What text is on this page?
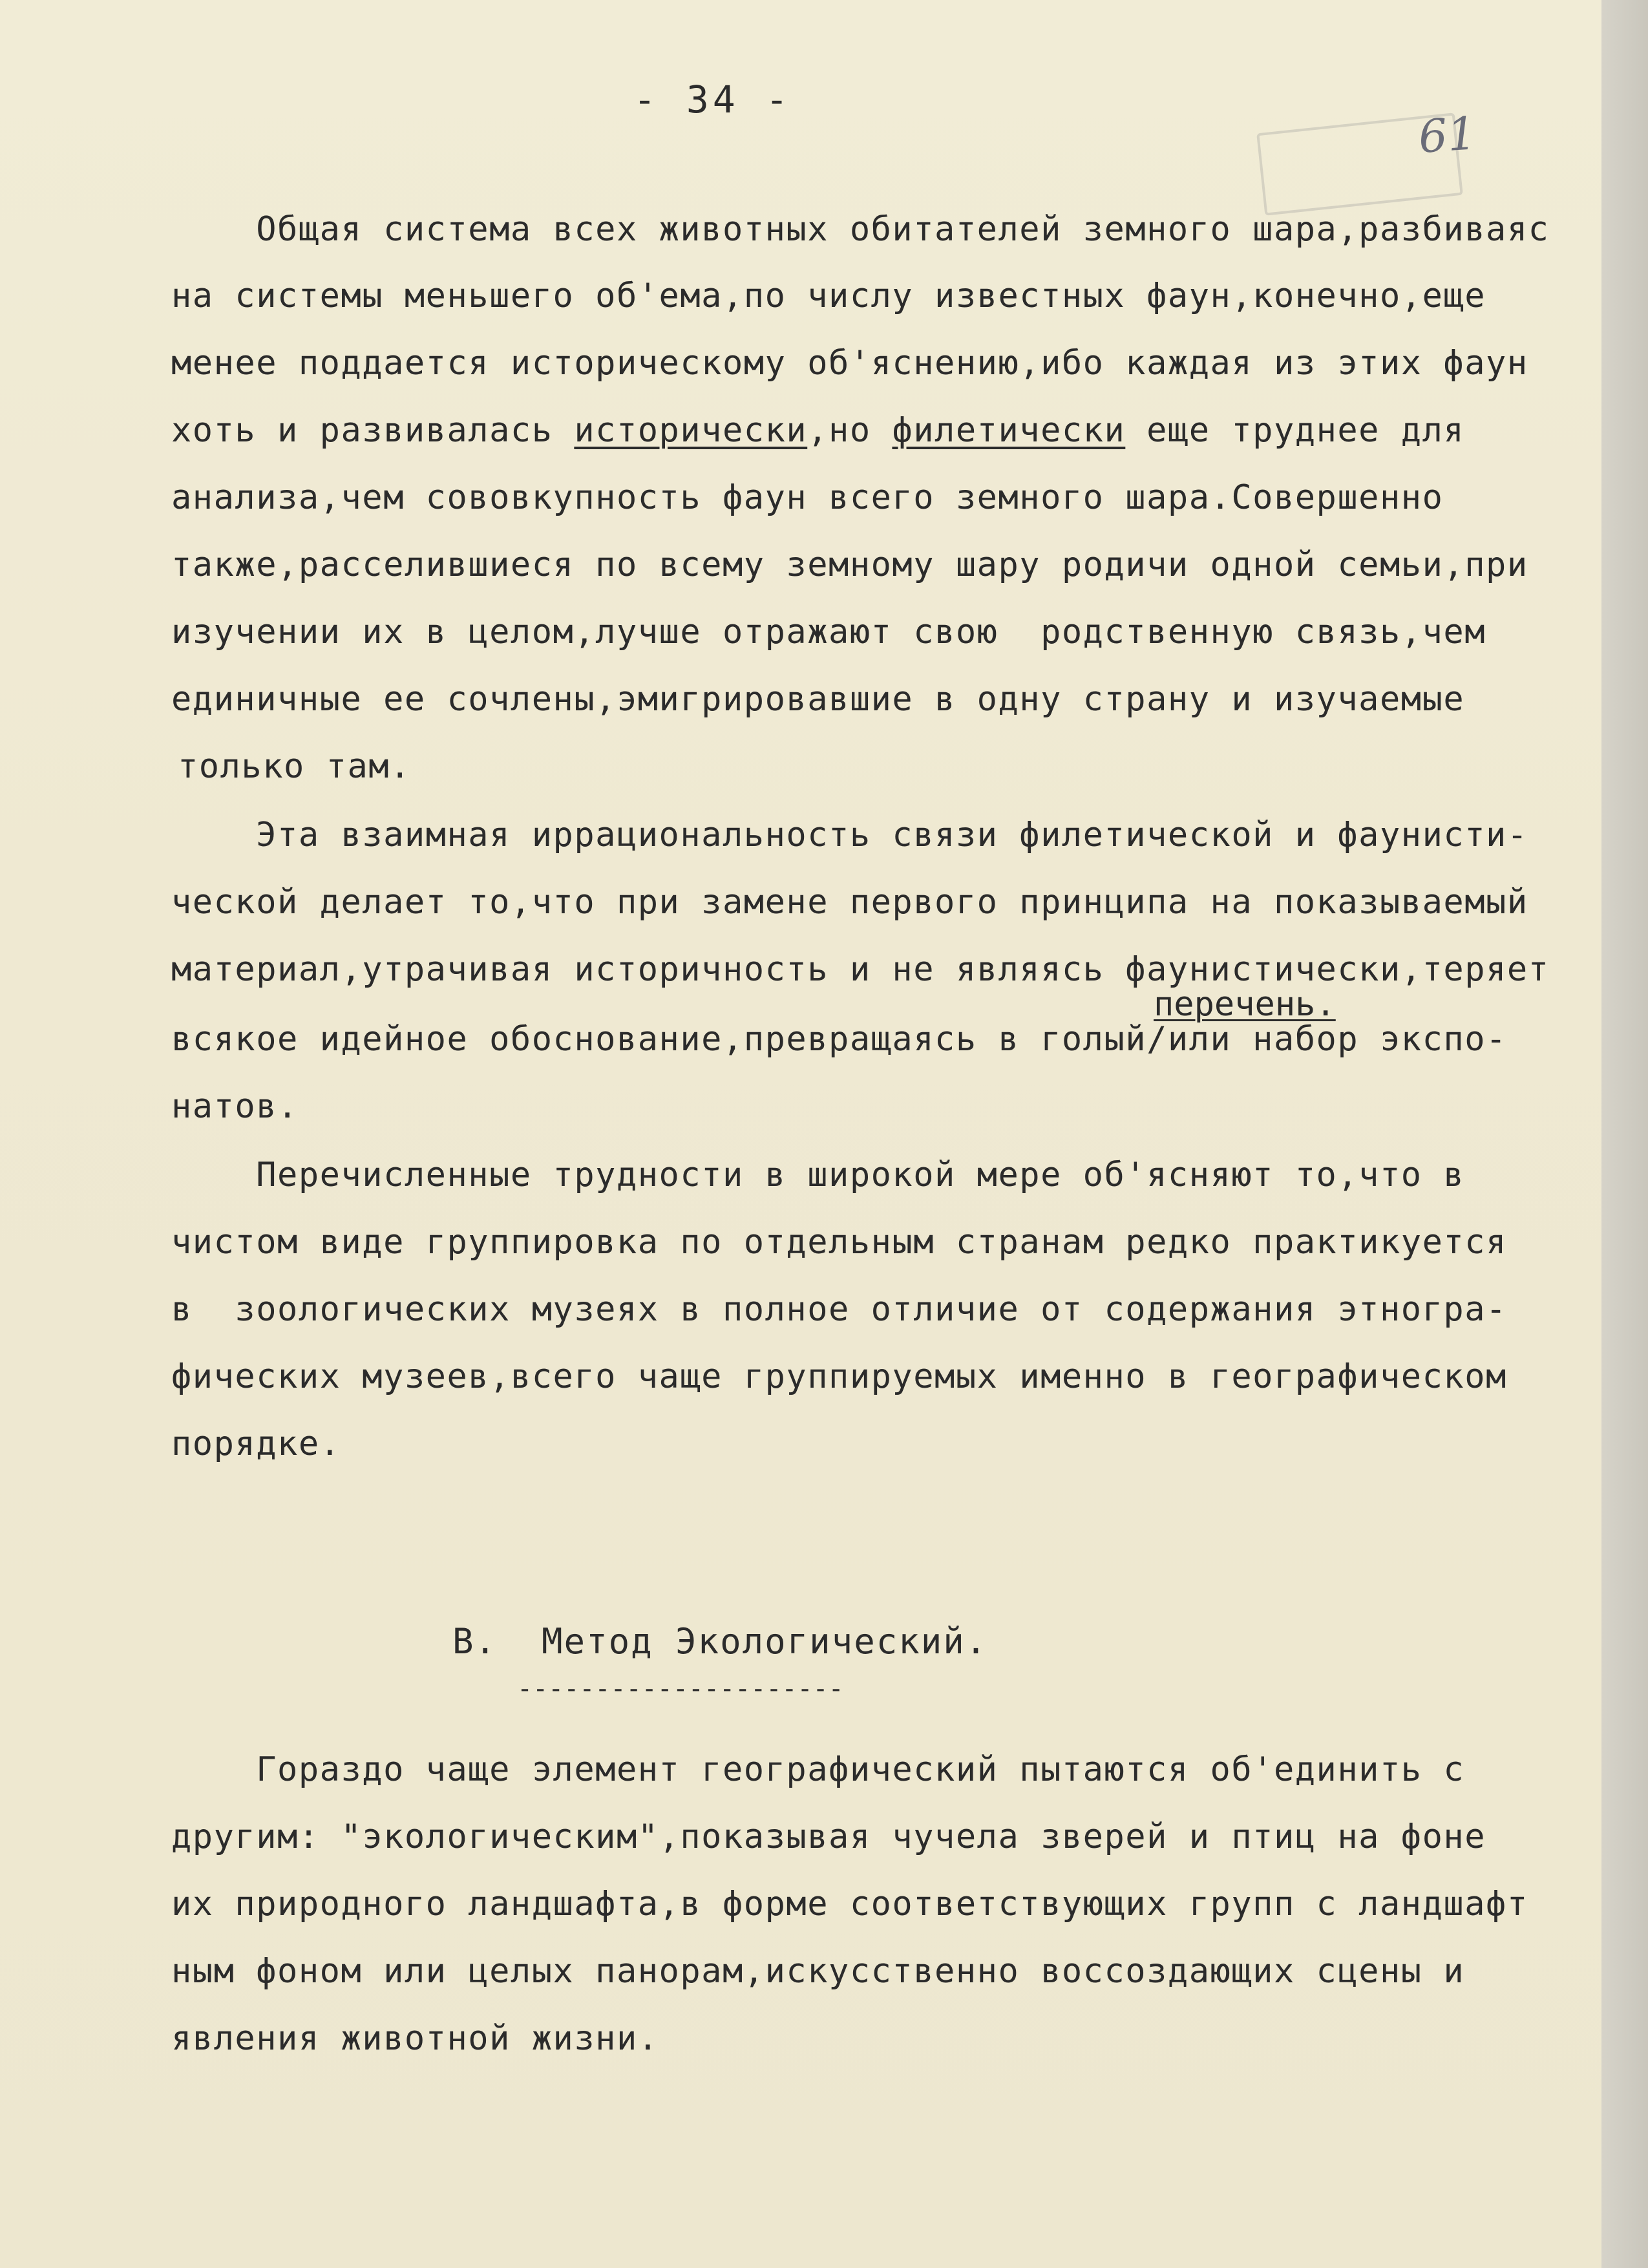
- 34 -
61
Общая система всех животных обитателей земного шара,разбиваяс
на системы меньшего об'ема,по числу известных фаун,конечно,еще
менее поддается историческому об'яснению,ибо каждая из этих фаун
хоть и развивалась исторически,но филетически еще труднее для
анализа,чем сововкупность фаун всего земного шара.Совершенно
также,расселившиеся по всему земному шару родичи одной семьи,при
изучении их в целом,лучше отражают свою  родственную связь,чем
единичные ее сочлены,эмигрировавшие в одну страну и изучаемые
только там.
Эта взаимная иррациональность связи филетической и фаунисти-
ческой делает то,что при замене первого принципа на показываемый
материал,утрачивая историчность и не являясь фаунистически,теряет
перечень.
всякое идейное обоснование,превращаясь в голый/или набор экспо-
натов.
Перечисленные трудности в широкой мере об'ясняют то,что в
чистом виде группировка по отдельным странам редко практикуется
в  зоологических музеях в полное отличие от содержания этногра-
фических музеев,всего чаще группируемых именно в географическом
порядке.
В.  Метод Экологический.
---------------------
Гораздо чаще элемент географический пытаются об'единить с
другим: "экологическим",показывая чучела зверей и птиц на фоне
их природного ландшафта,в форме соответствующих групп с ландшафт
ным фоном или целых панорам,искусственно воссоздающих сцены и
явления животной жизни.
